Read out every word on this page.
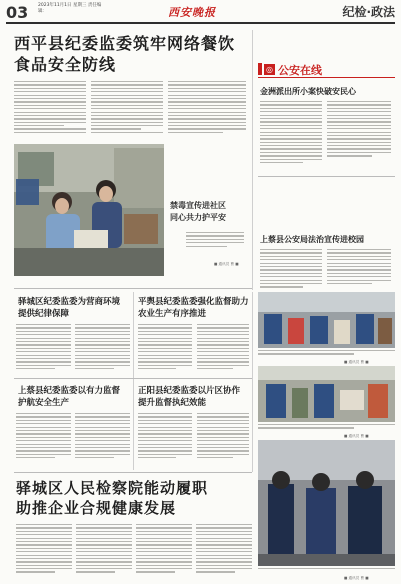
03 2023年11月1日 星期三 责任编辑：	西安晚报	纪检·政法
西平县纪委监委筑牢网络餐饮
食品安全防线
禁毒宣传进社区
同心共力护平安
■ 通讯员 曹 ■
◎ 公安在线
金洲派出所小案快破安民心
上蔡县公安局法治宣传进校园
驿城区纪委监委为营商环境
提供纪律保障
平舆县纪委监委强化监督助力
农业生产有序推进
上蔡县纪委监委以有力监督
护航安全生产
正阳县纪委监委以片区协作
提升监督执纪效能
■ 通讯员 曹 ■
■ 通讯员 曹 ■
驿城区人民检察院能动履职
助推企业合规健康发展
■ 通讯员 曹 ■
